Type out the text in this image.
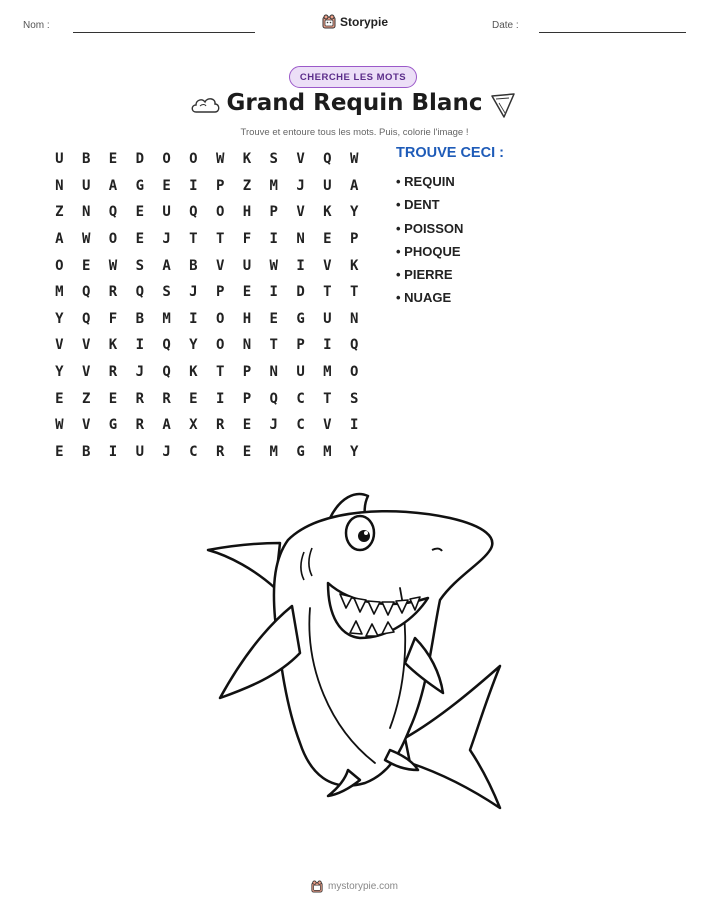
Nom :	Storypie	Date :
CHERCHE LES MOTS
Grand Requin Blanc
Trouve et entoure tous les mots. Puis, colorie l'image !
U	B	E	D	O	O	W	K	S	V	Q	W
N	U	A	G	E	I	P	Z	M	J	U	A
Z	N	Q	E	U	Q	O	H	P	V	K	Y
A	W	O	E	J	T	T	F	I	N	E	P
O	E	W	S	A	B	V	U	W	I	V	K
M	Q	R	Q	S	J	P	E	I	D	T	T
Y	Q	F	B	M	I	O	H	E	G	U	N
V	V	K	I	Q	Y	O	N	T	P	I	Q
Y	V	R	J	Q	K	T	P	N	U	M	O
E	Z	E	R	R	E	I	P	Q	C	T	S
W	V	G	R	A	X	R	E	J	C	V	I
E	B	I	U	J	C	R	E	M	G	M	Y
TROUVE CECI :
• REQUIN
• DENT
• POISSON
• PHOQUE
• PIERRE
• NUAGE
mystorypie.com
